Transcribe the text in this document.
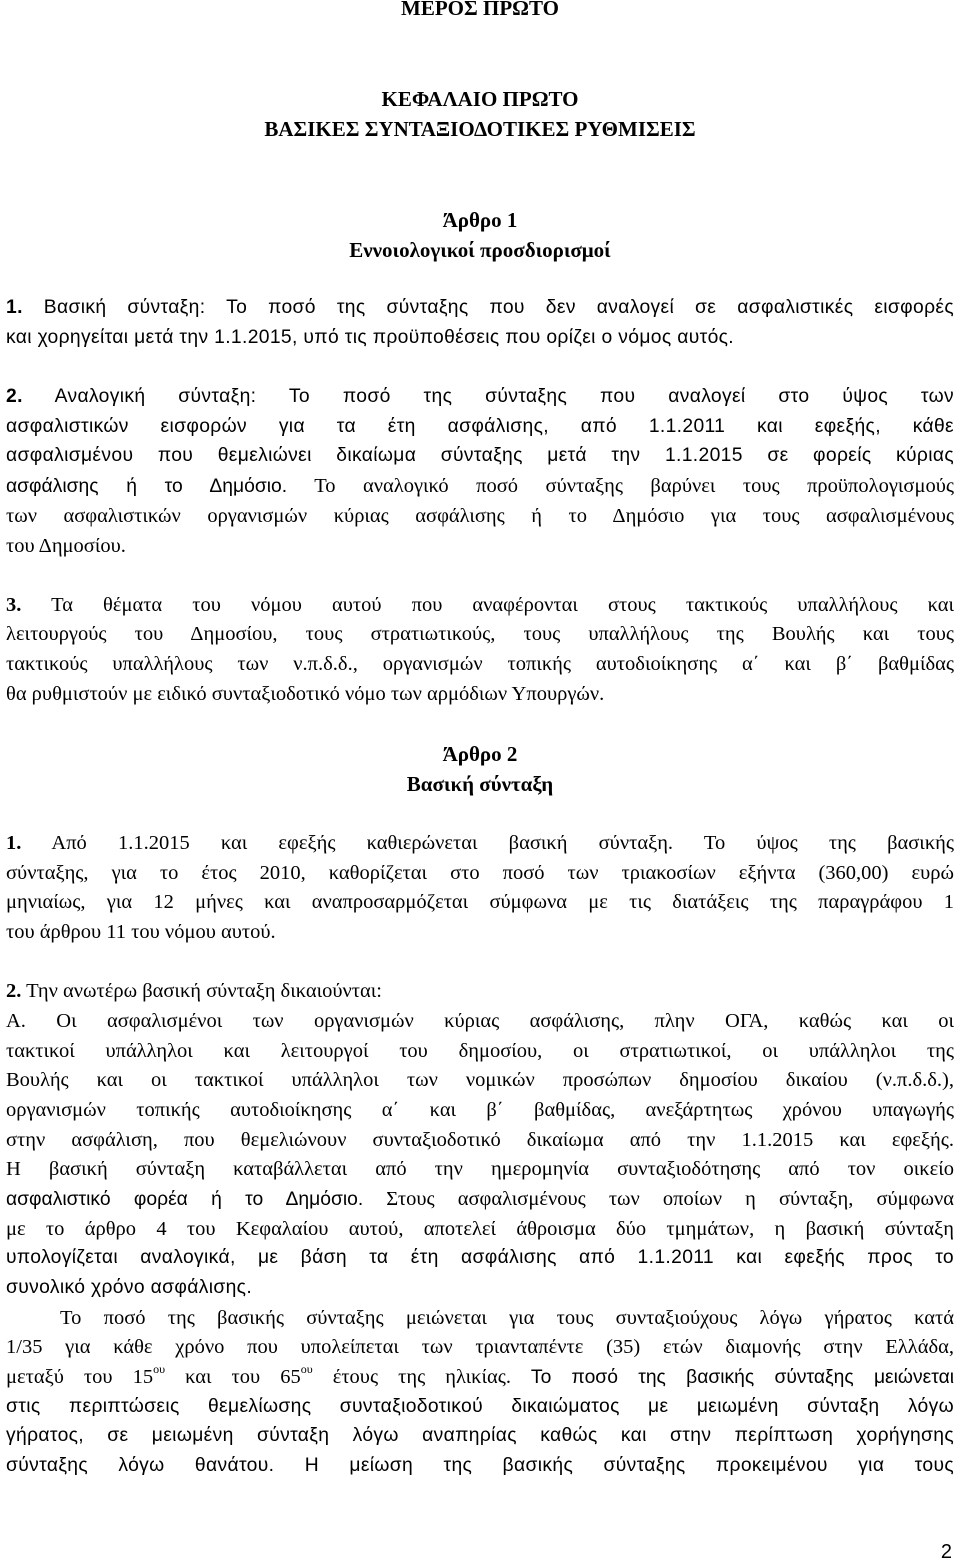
ΜΕΡΟΣ ΠΡΩΤΟ
ΚΕΦΑΛΑΙΟ ΠΡΩΤΟ
ΒΑΣΙΚΕΣ ΣΥΝΤΑΞΙΟΔΟΤΙΚΕΣ ΡΥΘΜΙΣΕΙΣ
Άρθρο 1
Εννοιολογικοί προσδιορισμοί
1. Βασική σύνταξη: Το ποσό της σύνταξης που δεν αναλογεί σε ασφαλιστικές εισφορές
και χορηγείται μετά την 1.1.2015, υπό τις προϋποθέσεις που ορίζει ο νόμος αυτός.
2. Αναλογική σύνταξη: Το ποσό της σύνταξης που αναλογεί στο ύψος των
ασφαλιστικών εισφορών για τα έτη ασφάλισης, από 1.1.2011 και εφεξής, κάθε
ασφαλισμένου που θεμελιώνει δικαίωμα σύνταξης μετά την 1.1.2015 σε φορείς κύριας
ασφάλισης ή το Δημόσιο. Το αναλογικό ποσό σύνταξης βαρύνει τους προϋπολογισμούς
των ασφαλιστικών οργανισμών κύριας ασφάλισης ή το Δημόσιο για τους ασφαλισμένους
του Δημοσίου.
3. Τα θέματα του νόμου αυτού που αναφέρονται στους τακτικούς υπαλλήλους και
λειτουργούς του Δημοσίου, τους στρατιωτικούς, τους υπαλλήλους της Βουλής και τους
τακτικούς υπαλλήλους των ν.π.δ.δ., οργανισμών τοπικής αυτοδιοίκησης α΄ και β΄ βαθμίδας
θα ρυθμιστούν με ειδικό συνταξιοδοτικό νόμο των αρμόδιων Υπουργών.
Άρθρο 2
Βασική σύνταξη
1. Από 1.1.2015 και εφεξής καθιερώνεται βασική σύνταξη. Το ύψος της βασικής
σύνταξης, για το έτος 2010, καθορίζεται στο ποσό των τριακοσίων εξήντα (360,00) ευρώ
μηνιαίως, για 12 μήνες και αναπροσαρμόζεται σύμφωνα με τις διατάξεις της παραγράφου 1
του άρθρου 11 του νόμου αυτού.
2. Την ανωτέρω βασική σύνταξη δικαιούνται:
Α. Οι ασφαλισμένοι των οργανισμών κύριας ασφάλισης, πλην ΟΓΑ, καθώς και οι
τακτικοί υπάλληλοι και λειτουργοί του δημοσίου, οι στρατιωτικοί, οι υπάλληλοι της
Βουλής και οι τακτικοί υπάλληλοι των νομικών προσώπων δημοσίου δικαίου (ν.π.δ.δ.),
οργανισμών τοπικής αυτοδιοίκησης α΄ και β΄ βαθμίδας, ανεξάρτητως χρόνου υπαγωγής
στην ασφάλιση, που θεμελιώνουν συνταξιοδοτικό δικαίωμα από την 1.1.2015 και εφεξής.
Η βασική σύνταξη καταβάλλεται από την ημερομηνία συνταξιοδότησης από τον οικείο
ασφαλιστικό φορέα ή το Δημόσιο. Στους ασφαλισμένους των οποίων η σύνταξη, σύμφωνα
με το άρθρο 4 του Κεφαλαίου αυτού, αποτελεί άθροισμα δύο τμημάτων, η βασική σύνταξη
υπολογίζεται αναλογικά, με βάση τα έτη ασφάλισης από 1.1.2011 και εφεξής προς το
συνολικό χρόνο ασφάλισης.
Το ποσό της βασικής σύνταξης μειώνεται για τους συνταξιούχους λόγω γήρατος κατά
1/35 για κάθε χρόνο που υπολείπεται των τριανταπέντε (35) ετών διαμονής στην Ελλάδα,
μεταξύ του $15^{o\upsilon}$ και του $65^{o\upsilon}$ έτους της ηλικίας. Το ποσό της βασικής σύνταξης μειώνεται
στις περιπτώσεις θεμελίωσης συνταξιοδοτικού δικαιώματος με μειωμένη σύνταξη λόγω
γήρατος, σε μειωμένη σύνταξη λόγω αναπηρίας καθώς και στην περίπτωση χορήγησης
σύνταξης λόγω θανάτου. Η μείωση της βασικής σύνταξης προκειμένου για τους
2
